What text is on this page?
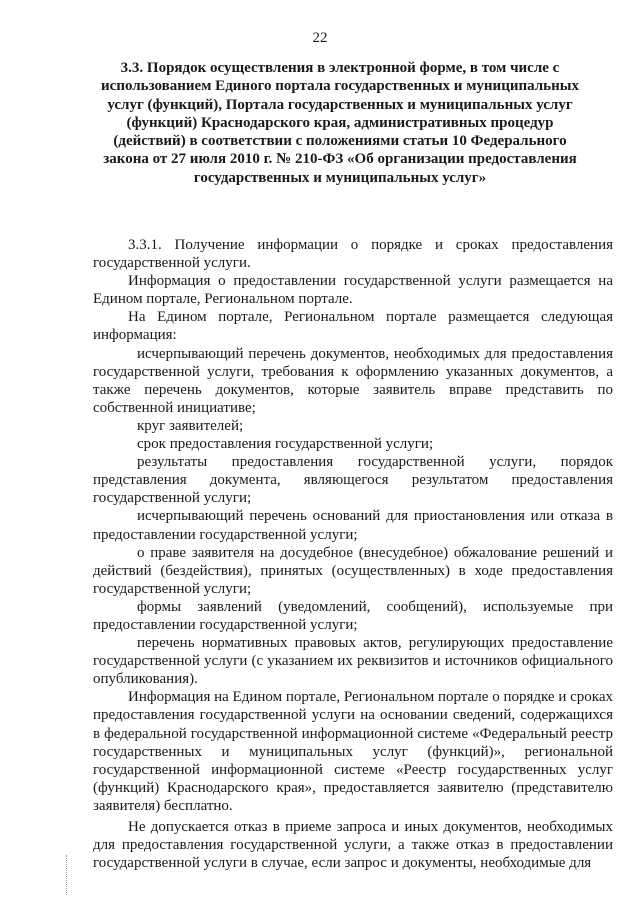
22
3.3. Порядок осуществления в электронной форме, в том числе с использованием Единого портала государственных и муниципальных услуг (функций), Портала государственных и муниципальных услуг (функций) Краснодарского края, административных процедур (действий) в соответствии с положениями статьи 10 Федерального закона от 27 июля 2010 г. № 210-ФЗ «Об организации предоставления государственных и муниципальных услуг»

3.3.1. Получение информации о порядке и сроках предоставления государственной услуги.

Информация о предоставлении государственной услуги размещается на Едином портале, Региональном портале.

На Едином портале, Региональном портале размещается следующая информация:

исчерпывающий перечень документов, необходимых для предоставления государственной услуги, требования к оформлению указанных документов, а также перечень документов, которые заявитель вправе представить по собственной инициативе;

круг заявителей;

срок предоставления государственной услуги;

результаты предоставления государственной услуги, порядок представления документа, являющегося результатом предоставления государственной услуги;

исчерпывающий перечень оснований для приостановления или отказа в предоставлении государственной услуги;

о праве заявителя на досудебное (внесудебное) обжалование решений и действий (бездействия), принятых (осуществленных) в ходе предоставления государственной услуги;

формы заявлений (уведомлений, сообщений), используемые при предоставлении государственной услуги;

перечень нормативных правовых актов, регулирующих предоставление государственной услуги (с указанием их реквизитов и источников официального опубликования).

Информация на Едином портале, Региональном портале о порядке и сроках предоставления государственной услуги на основании сведений, содержащихся в федеральной государственной информационной системе «Федеральный реестр государственных и муниципальных услуг (функций)», региональной государственной информационной системе «Реестр государственных услуг (функций) Краснодарского края», предоставляется заявителю (представителю заявителя) бесплатно.

Не допускается отказ в приеме запроса и иных документов, необходимых для предоставления государственной услуги, а также отказ в предоставлении государственной услуги в случае, если запрос и документы, необходимые для
